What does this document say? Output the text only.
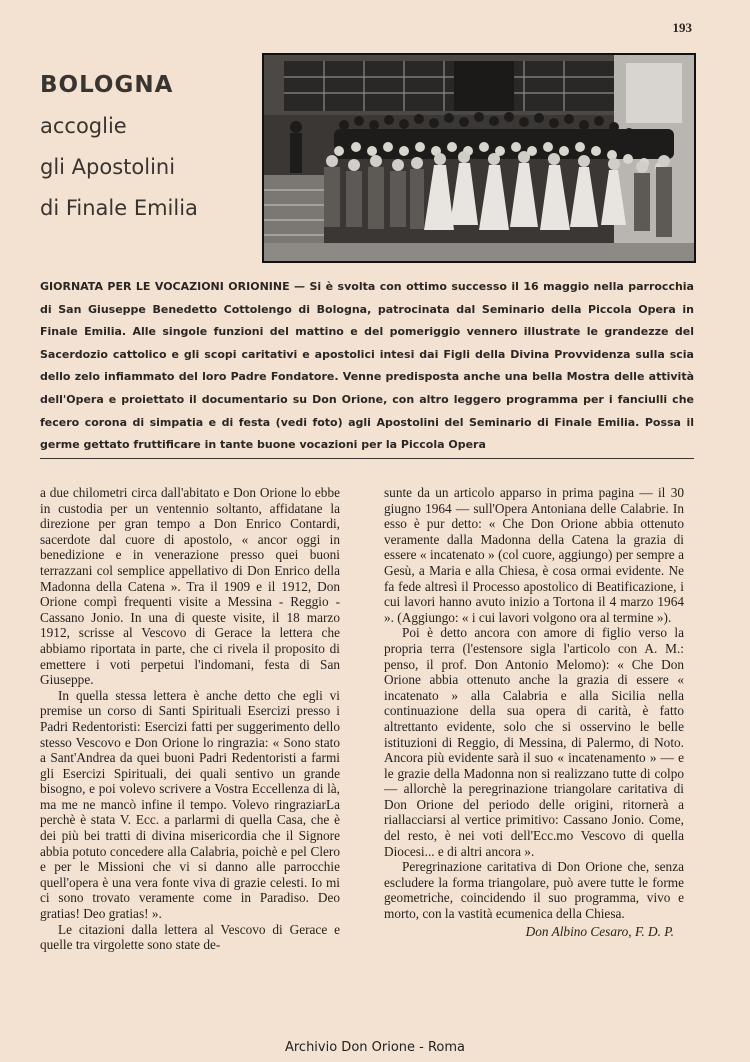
193
BOLOGNA
accoglie
gli Apostolini
di Finale Emilia
GIORNATA PER LE VOCAZIONI ORIONINE — Si è svolta con ottimo successo il 16 maggio nella parrocchia di San Giuseppe Benedetto Cottolengo di Bologna, patrocinata dal Seminario della Piccola Opera in Finale Emilia. Alle singole funzioni del mattino e del pomeriggio vennero illustrate le grandezze del Sacerdozio cattolico e gli scopi caritativi e apostolici intesi dai Figli della Divina Provvidenza sulla scia dello zelo infiammato del loro Padre Fondatore. Venne predisposta anche una bella Mostra delle attività dell'Opera e proiettato il documentario su Don Orione, con altro leggero programma per i fanciulli che fecero corona di simpatia e di festa (vedi foto) agli Apostolini del Seminario di Finale Emilia. Possa il germe gettato fruttificare in tante buone vocazioni per la Piccola Opera

a due chilometri circa dall'abitato e Don Orione lo ebbe in custodia per un ventennio soltanto, affidatane la direzione per gran tempo a Don Enrico Contardi, sacerdote dal cuore di apostolo, « ancor oggi in benedizione e in venerazione presso quei buoni terrazzani col semplice appellativo di Don Enrico della Madonna della Catena ». Tra il 1909 e il 1912, Don Orione compì frequenti visite a Messina - Reggio - Cassano Jonio. In una di queste visite, il 18 marzo 1912, scrisse al Vescovo di Gerace la lettera che abbiamo riportata in parte, che ci rivela il proposito di emettere i voti perpetui l'indomani, festa di San Giuseppe.

In quella stessa lettera è anche detto che egli vi premise un corso di Santi Spirituali Esercizi presso i Padri Redentoristi: Esercizi fatti per suggerimento dello stesso Vescovo e Don Orione lo ringrazia: « Sono stato a Sant'Andrea da quei buoni Padri Redentoristi a farmi gli Esercizi Spirituali, dei quali sentivo un grande bisogno, e poi volevo scrivere a Vostra Eccellenza di là, ma me ne mancò infine il tempo. Volevo ringraziarLa perchè è stata V. Ecc. a parlarmi di quella Casa, che è dei più bei tratti di divina misericordia che il Signore abbia potuto concedere alla Calabria, poichè e pel Clero e per le Missioni che vi si danno alle parrocchie quell'opera è una vera fonte viva di grazie celesti. Io mi ci sono trovato veramente come in Paradiso. Deo gratias! Deo gratias! ».

Le citazioni dalla lettera al Vescovo di Gerace e quelle tra virgolette sono state de-

sunte da un articolo apparso in prima pagina — il 30 giugno 1964 — sull'Opera Antoniana delle Calabrie. In esso è pur detto: « Che Don Orione abbia ottenuto veramente dalla Madonna della Catena la grazia di essere « incatenato » (col cuore, aggiungo) per sempre a Gesù, a Maria e alla Chiesa, è cosa ormai evidente. Ne fa fede altresì il Processo apostolico di Beatificazione, i cui lavori hanno avuto inizio a Tortona il 4 marzo 1964 ». (Aggiungo: « i cui lavori volgono ora al termine »).

Poi è detto ancora con amore di figlio verso la propria terra (l'estensore sigla l'articolo con A. M.: penso, il prof. Don Antonio Melomo): « Che Don Orione abbia ottenuto anche la grazia di essere « incatenato » alla Calabria e alla Sicilia nella continuazione della sua opera di carità, è fatto altrettanto evidente, solo che si osservino le belle istituzioni di Reggio, di Messina, di Palermo, di Noto. Ancora più evidente sarà il suo « incatenamento » — e le grazie della Madonna non si realizzano tutte di colpo — allorchè la peregrinazione triangolare caritativa di Don Orione del periodo delle origini, ritornerà a riallacciarsi al vertice primitivo: Cassano Jonio. Come, del resto, è nei voti dell'Ecc.mo Vescovo di quella Diocesi... e di altri ancora ».

Peregrinazione caritativa di Don Orione che, senza escludere la forma triangolare, può avere tutte le forme geometriche, coincidendo il suo programma, vivo e morto, con la vastità ecumenica della Chiesa.

Don Albino Cesaro, F. D. P.

Archivio Don Orione - Roma
